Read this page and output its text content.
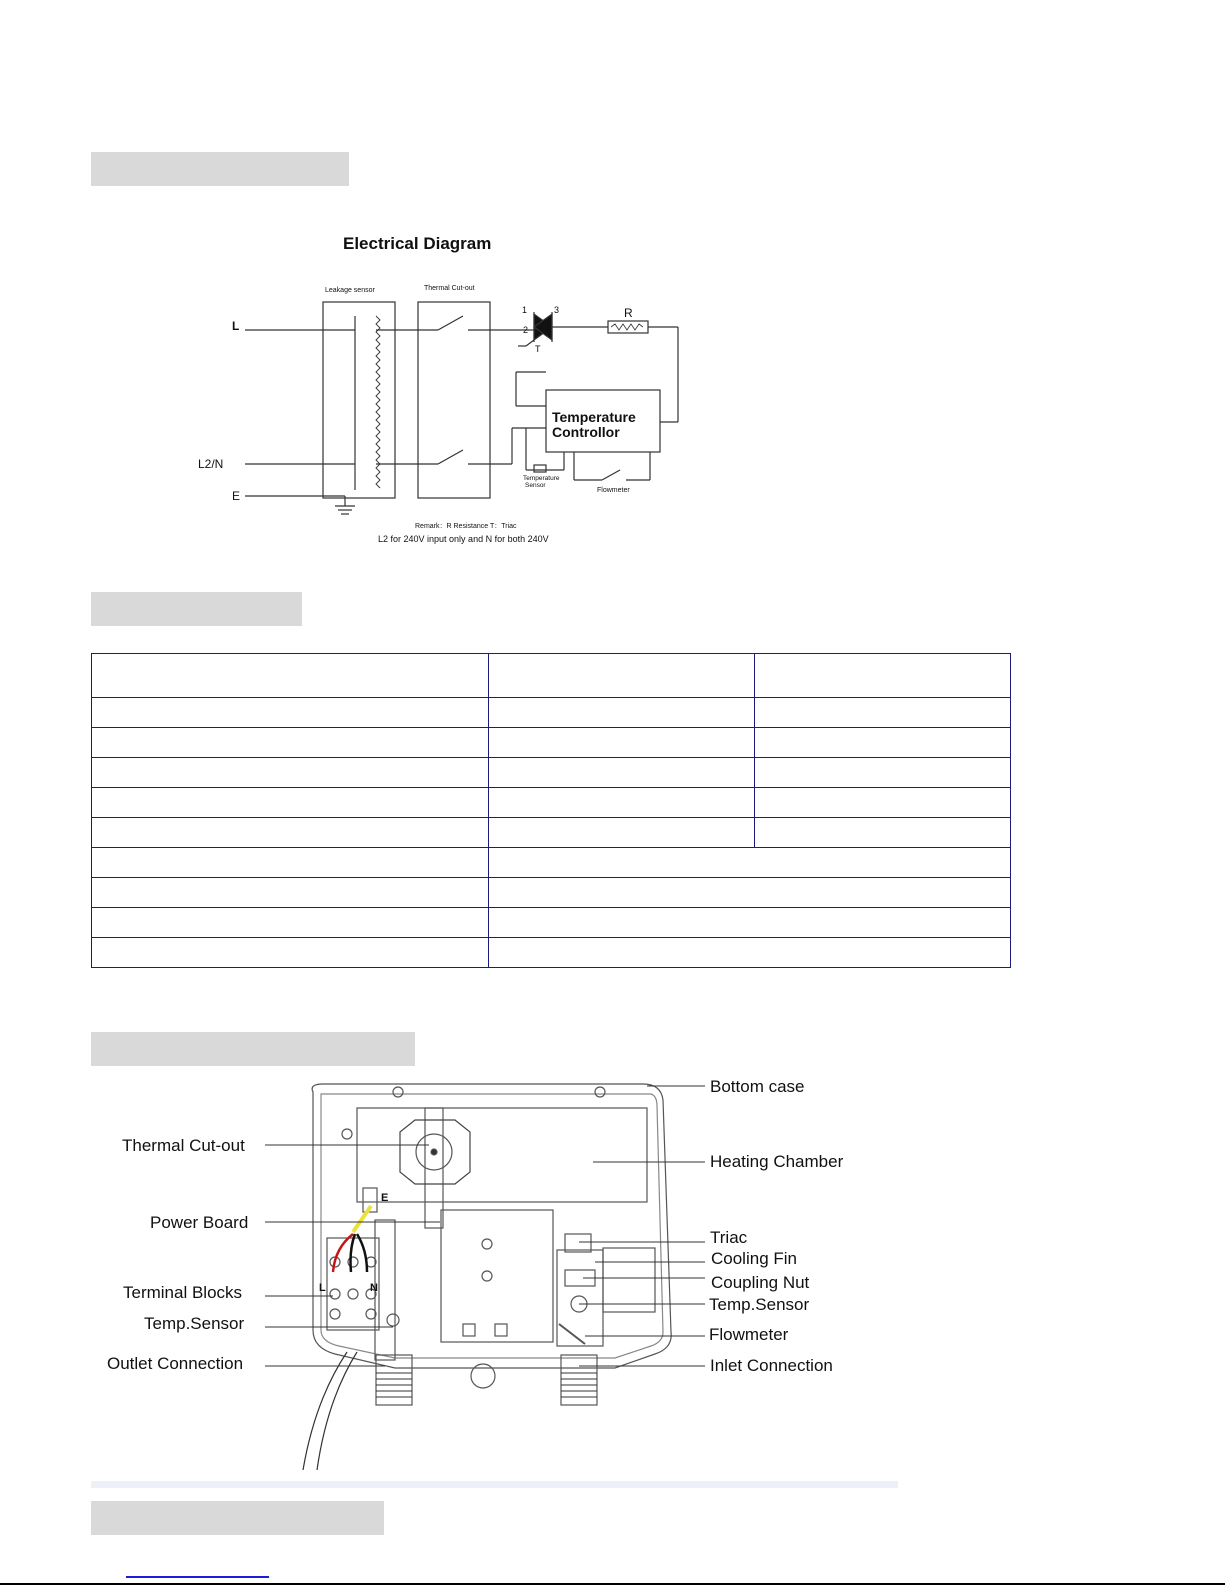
Electrical Diagram
Leakage sensor	Thermal Cut-out
L
L2/N
E
1
2
3
T
R
Temperature
Controllor
Temperature
Sensor
Flowmeter
Remark：R Resistance T：Triac
L2 for 240V input only and N for both 240V

L	N
E
Thermal Cut-out
Power Board
Terminal Blocks
Temp.Sensor
Outlet Connection
Bottom case
Heating Chamber
Triac
Cooling Fin
Coupling Nut
Temp.Sensor
Flowmeter
Inlet Connection
